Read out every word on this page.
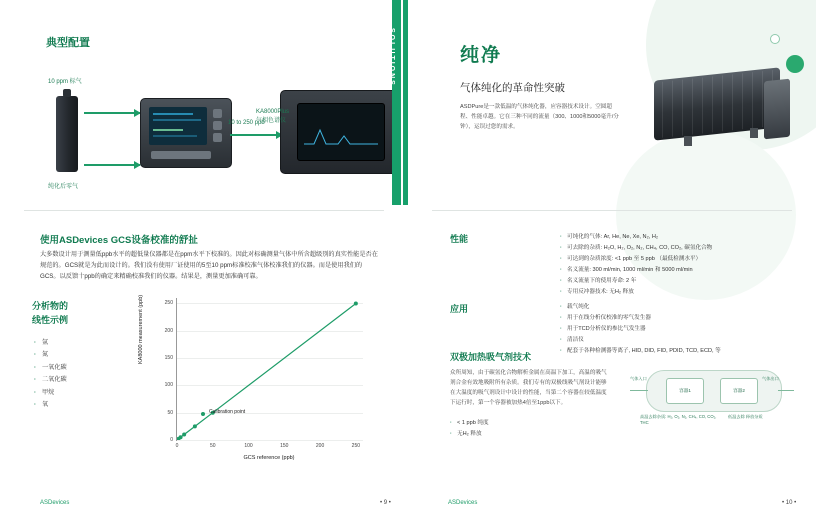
典型配置
10 ppm 标气
纯化后零气
10 to 250 ppb
KA8000Plus
气相色谱仪
使用ASDevices GCS设备校准的舒扯
大多数设计用于测量低ppb水平的超低量仪器都是在ppm水平下校准的。因此对标确测量气体中所含超级别的真实性能是否在规范的。GCS就是为此而设计的。我们没有使用厂证使用的5至10 ppm标准校准气体校准我们的仪器。而是使用我们的GCS。以反馈十ppb的确定来精确校准我们的仪器。结果是，测量更加准确可靠。
分析物的
线性示例
· 氩
· 氮
· 一氧化碳
· 二氧化碳
· 甲烷
· 氧
KA8000 measurement (ppb)
0
50
100
150
200
250
0	50	100	150	200	250
Calibration point
GCS reference (ppb)
ASDevices	• 9 •
SOLUTIONS	纯净
气体纯化的革命性突破
ASDPure是一款低温的气体纯化器，应容器技术设计。空圆超程、性能卓越。它在三种不同的流量（300、1000和5000毫升/分钟），运误过您的需求。
性能	· 可纯化的气体: Ar, He, Ne, Xe, N₂, H₂
· 可去除的杂质: H₂O, H₂, O₂, N₂, CH₄, CO, CO₂, 碳氢化合物
· 可达到的杂质浓度: <1 ppb 至 5 ppb （最低检测水平）
· 名义流量: 300 ml/min, 1000 ml/min 和 5000 ml/min
· 名义流量下的使用寿命: 2 年
· 专用反冲器技术: 无H₂ 释放
应用	· 载气纯化
· 用于在线分析仪校准的零气发生器
· 用于TCD分析仪的参比气发生器
· 清洁仪
· 配套于各种检测器等离子, HID, DID, FID, PDID, TCD, ECD, 等
双极加热吸气剂技术
众所周知，由于碳氢化合物解析金属在高温下加工，高温的吸气剂合金有效地吸附所有杂质。我们专有的双极线吸气剂设计能够在大温度的吸气剂设计中设计的性能，当第二个容器在较低温度下运行时，第一个容器被加热4倍至1ppb以下。
· < 1 ppb 纯度
· 无H₂ 释放
容器1	容器2
气体入口	气体出口
高温去除杂质: H₂, O₂, N₂, CH₄, CO, CO₂, THC
低温去除 释放杂质
ASDevices	• 10 •
